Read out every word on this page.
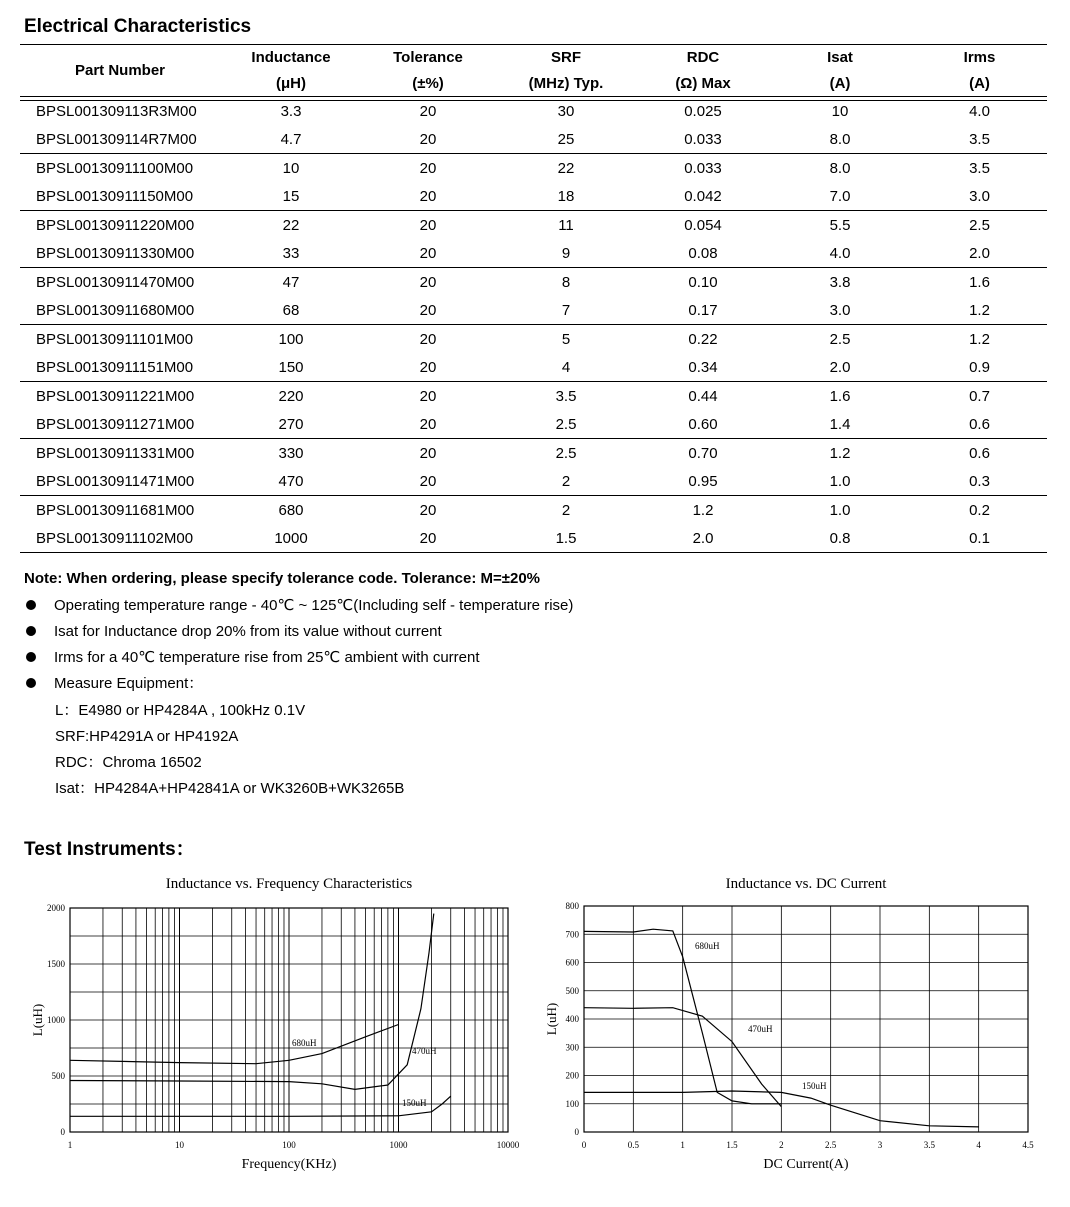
Electrical Characteristics
Part Number	Inductance	Tolerance	SRF	RDC	Isat	Irms
	(μH)	(±%)	(MHz) Typ.	(Ω) Max	(A)	(A)
BPSL001309113R3M00	3.3	20	30	0.025	10	4.0
BPSL001309114R7M00	4.7	20	25	0.033	8.0	3.5
BPSL00130911100M00	10	20	22	0.033	8.0	3.5
BPSL00130911150M00	15	20	18	0.042	7.0	3.0
BPSL00130911220M00	22	20	11	0.054	5.5	2.5
BPSL00130911330M00	33	20	9	0.08	4.0	2.0
BPSL00130911470M00	47	20	8	0.10	3.8	1.6
BPSL00130911680M00	68	20	7	0.17	3.0	1.2
BPSL00130911101M00	100	20	5	0.22	2.5	1.2
BPSL00130911151M00	150	20	4	0.34	2.0	0.9
BPSL00130911221M00	220	20	3.5	0.44	1.6	0.7
BPSL00130911271M00	270	20	2.5	0.60	1.4	0.6
BPSL00130911331M00	330	20	2.5	0.70	1.2	0.6
BPSL00130911471M00	470	20	2	0.95	1.0	0.3
BPSL00130911681M00	680	20	2	1.2	1.0	0.2
BPSL00130911102M00	1000	20	1.5	2.0	0.8	0.1
Note: When ordering, please specify tolerance code. Tolerance: M=±20%
Operating temperature range - 40℃ ~ 125℃(Including self - temperature rise)
Isat for Inductance drop 20% from its value without current
Irms for a 40℃ temperature rise from 25℃ ambient with current
Measure Equipment：
L：E4980 or HP4284A , 100kHz 0.1V
SRF:HP4291A or HP4192A
RDC：Chroma 16502
Isat：HP4284A+HP42841A or WK3260B+WK3265B
Test Instruments：
1	10	100	1000	10000
0
500
1000
1500
2000
Inductance vs. Frequency Characteristics
Frequency(KHz)
L(uH)
680uH
470uH
150uH
0	0.5	1	1.5	2	2.5	3	3.5	4	4.5
0
100
200
300
400
500
600
700
800
Inductance vs. DC Current
DC Current(A)
L(uH)
680uH
470uH
150uH
